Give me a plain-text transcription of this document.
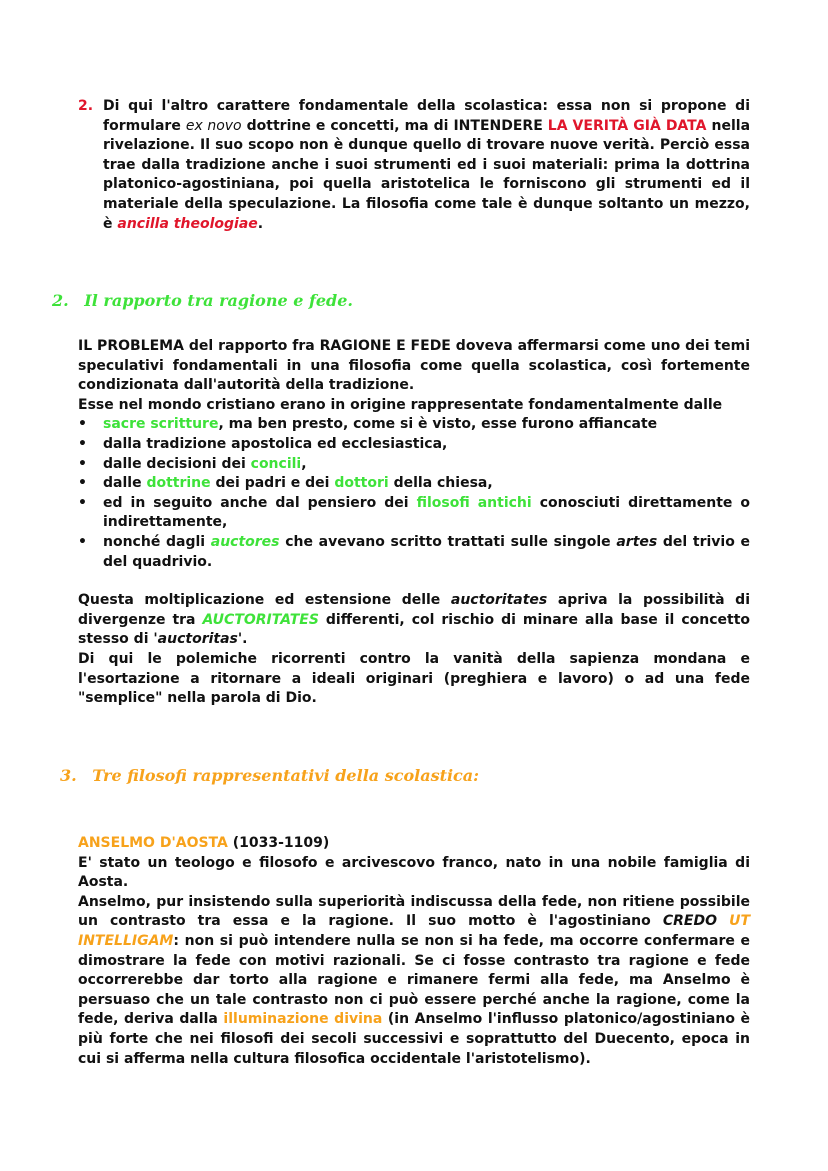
2. Di qui l'altro carattere fondamentale della scolastica: essa non si propone di formulare ex novo dottrine e concetti, ma di INTENDERE LA VERITÀ GIÀ DATA nella rivelazione. Il suo scopo non è dunque quello di trovare nuove verità. Perciò essa trae dalla tradizione anche i suoi strumenti ed i suoi materiali: prima la dottrina platonico-agostiniana, poi quella aristotelica le forniscono gli strumenti ed il materiale della speculazione. La filosofia come tale è dunque soltanto un mezzo, è ancilla theologiae.

2. Il rapporto tra ragione e fede.

IL PROBLEMA del rapporto fra RAGIONE E FEDE doveva affermarsi come uno dei temi speculativi fondamentali in una filosofia come quella scolastica, così fortemente condizionata dall'autorità della tradizione.

Esse nel mondo cristiano erano in origine rappresentate fondamentalmente dalle

• sacre scritture, ma ben presto, come si è visto, esse furono affiancate
• dalla tradizione apostolica ed ecclesiastica,
• dalle decisioni dei concili,
• dalle dottrine dei padri e dei dottori della chiesa,
• ed in seguito anche dal pensiero dei filosofi antichi conosciuti direttamente o indirettamente,
• nonché dagli auctores che avevano scritto trattati sulle singole artes del trivio e del quadrivio.

Questa moltiplicazione ed estensione delle auctoritates apriva la possibilità di divergenze tra AUCTORITATES differenti, col rischio di minare alla base il concetto stesso di 'auctoritas'.

Di qui le polemiche ricorrenti contro la vanità della sapienza mondana e l'esortazione a ritornare a ideali originari (preghiera e lavoro) o ad una fede "semplice" nella parola di Dio.

3. Tre filosofi rappresentativi della scolastica:

ANSELMO D'AOSTA (1033-1109)

E' stato un teologo e filosofo e arcivescovo franco, nato in una nobile famiglia di Aosta.

Anselmo, pur insistendo sulla superiorità indiscussa della fede, non ritiene possibile un contrasto tra essa e la ragione. Il suo motto è l'agostiniano CREDO UT INTELLIGAM: non si può intendere nulla se non si ha fede, ma occorre confermare e dimostrare la fede con motivi razionali. Se ci fosse contrasto tra ragione e fede occorrerebbe dar torto alla ragione e rimanere fermi alla fede, ma Anselmo è persuaso che un tale contrasto non ci può essere perché anche la ragione, come la fede, deriva dalla illuminazione divina (in Anselmo l'influsso platonico/agostiniano è più forte che nei filosofi dei secoli successivi e soprattutto del Duecento, epoca in cui si afferma nella cultura filosofica occidentale l'aristotelismo).
